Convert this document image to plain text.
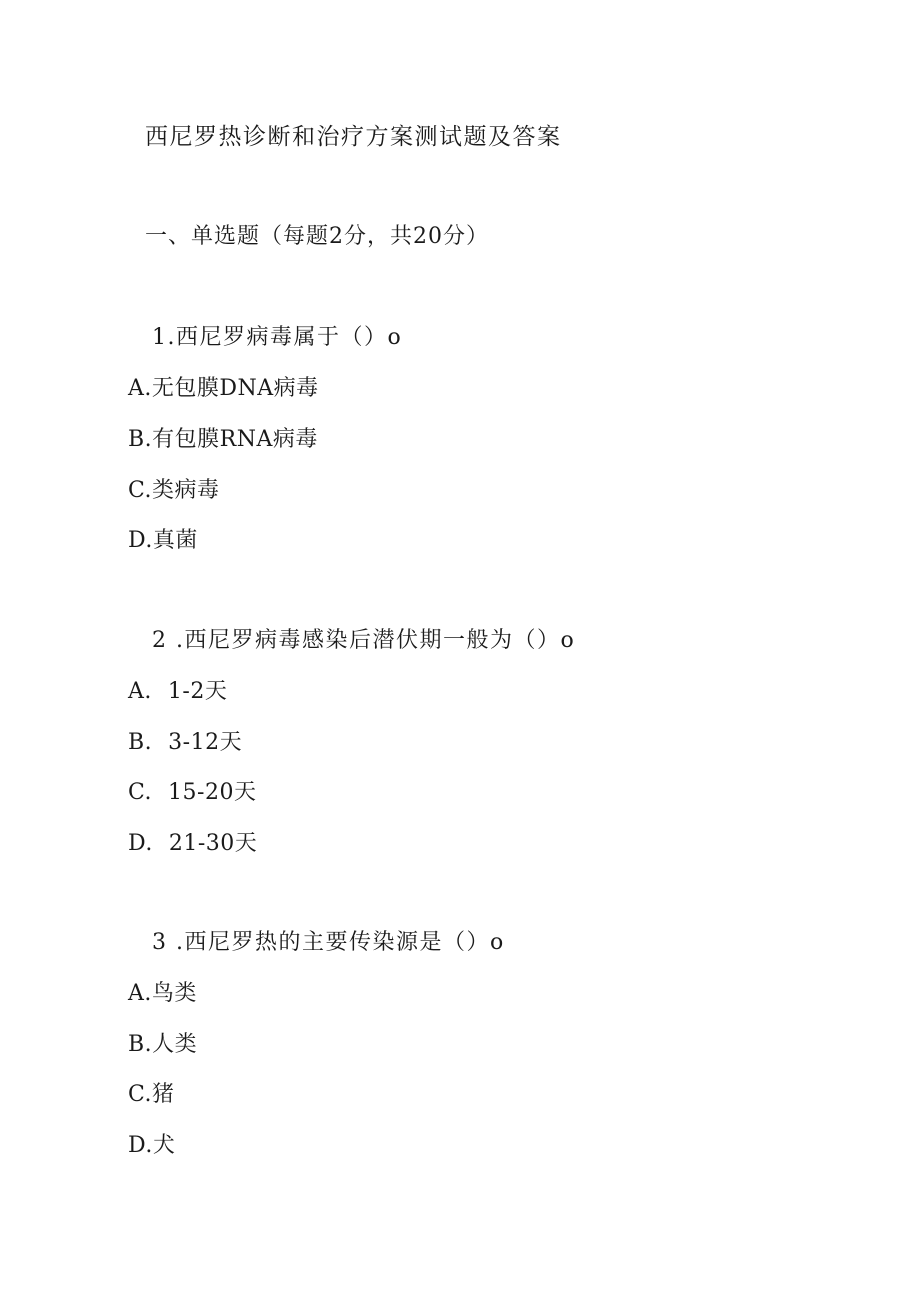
西尼罗热诊断和治疗方案测试题及答案
一、单选题（每题2分，共20分）
1.西尼罗病毒属于（）o
A.无包膜DNA病毒
B.有包膜RNA病毒
C.类病毒
D.真菌
2 .西尼罗病毒感染后潜伏期一般为（）o
A. 1-2天
B. 3-12天
C. 15-20天
D. 21-30天
3 .西尼罗热的主要传染源是（）o
A.鸟类
B.人类
C.猪
D.犬
